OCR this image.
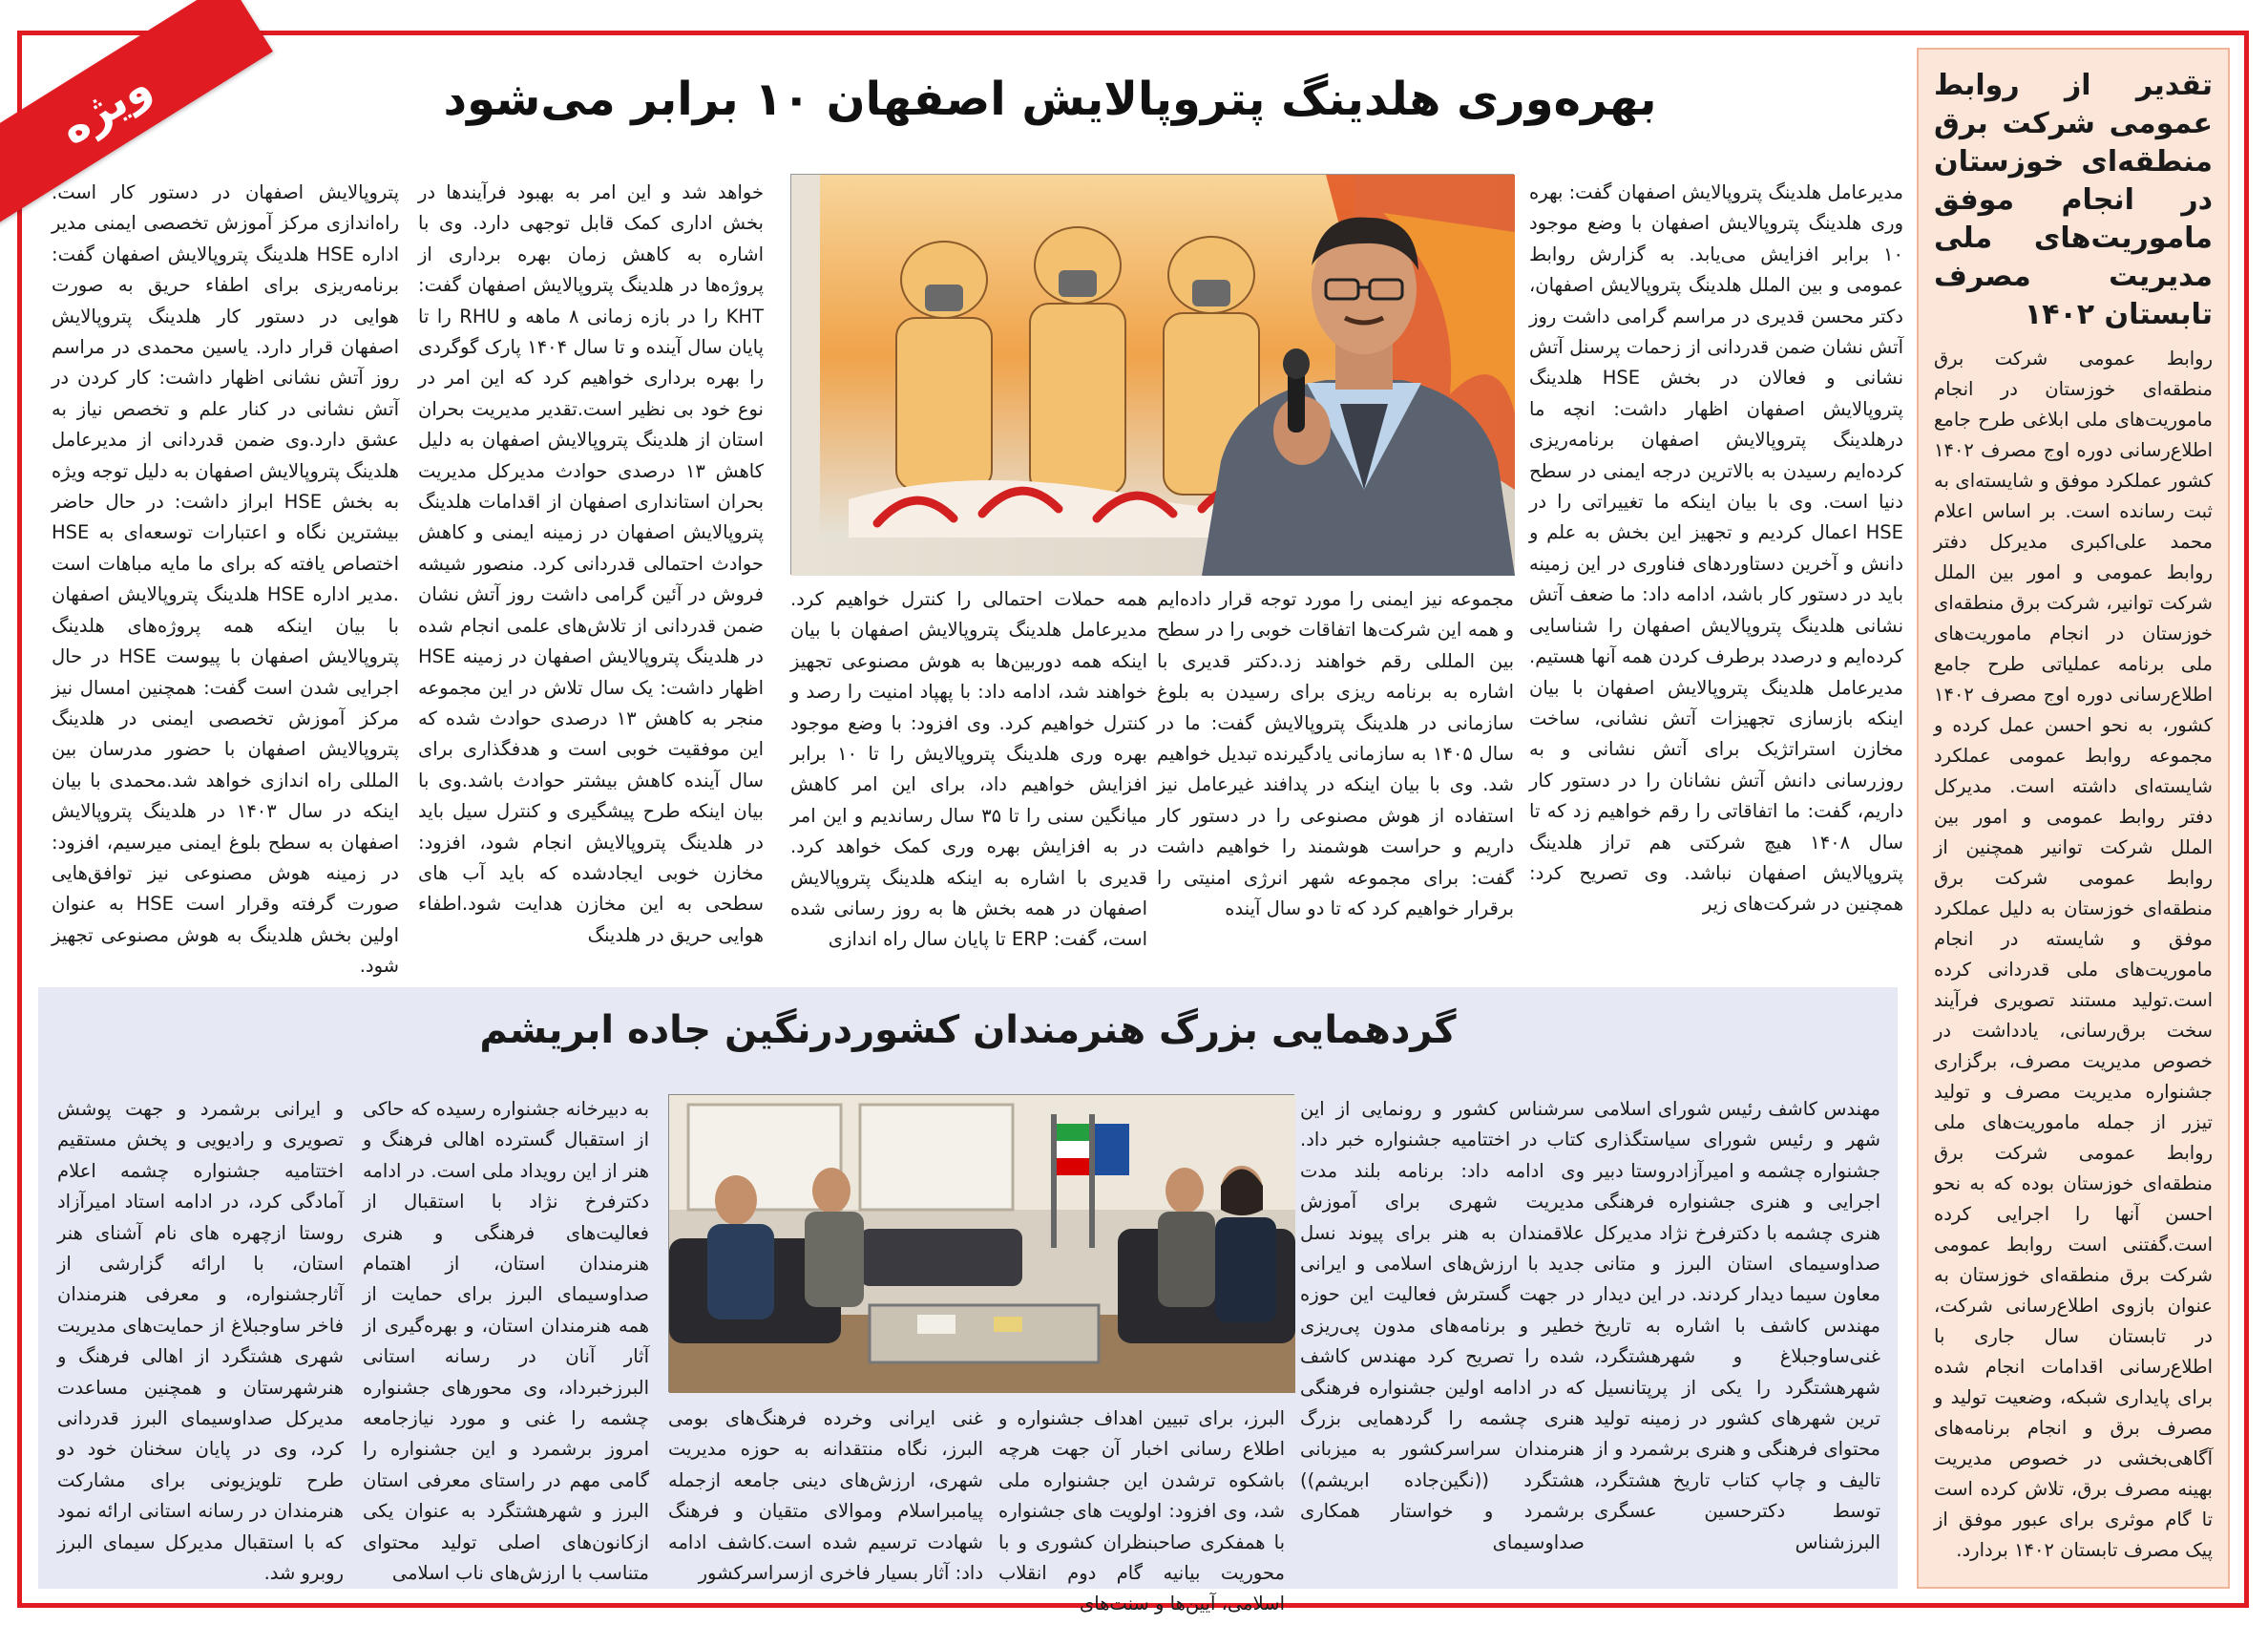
ویژه	تقدیر از روابط عمومی شرکت برق منطقه‌ای خوزستان در انجام موفق ماموریت‌های ملی مدیریت مصرف تابستان ۱۴۰۲

روابط عمومی شرکت برق منطقه‌ای خوزستان در انجام ماموریت‌های ملی ابلاغی طرح جامع اطلاع‌رسانی دوره اوج مصرف ۱۴۰۲ کشور عملکرد موفق و شایسته‌ای به ثبت رسانده است. بر اساس اعلام محمد علی‌اکبری مدیرکل دفتر روابط عمومی و امور بین الملل شرکت توانیر، شرکت برق منطقه‌ای خوزستان در انجام ماموریت‌های ملی برنامه عملیاتی طرح جامع اطلاع‌رسانی دوره اوج مصرف ۱۴۰۲ کشور، به نحو احسن عمل کرده و مجموعه روابط عمومی عملکرد شایسته‌ای داشته است. مدیرکل دفتر روابط عمومی و امور بین الملل شرکت توانیر همچنین از روابط عمومی شرکت برق منطقه‌ای خوزستان به دلیل عملکرد موفق و شایسته در انجام ماموریت‌های ملی قدردانی کرده است.تولید مستند تصویری فرآیند سخت برق‌رسانی، یادداشت در خصوص مدیریت مصرف، برگزاری جشنواره مدیریت مصرف و تولید تیزر از جمله ماموریت‌های ملی روابط عمومی شرکت برق منطقه‌ای خوزستان بوده که به نحو احسن آنها را اجرایی کرده است.گفتنی است روابط عمومی شرکت برق منطقه‌ای خوزستان به عنوان بازوی اطلاع‌رسانی شرکت، در تابستان سال جاری با اطلاع‌رسانی اقدامات انجام شده برای پایداری شبکه، وضعیت تولید و مصرف برق و انجام برنامه‌های آگاهی‌بخشی در خصوص مدیریت بهینه مصرف برق، تلاش کرده است تا گام موثری برای عبور موفق از پیک مصرف تابستان ۱۴۰۲ بردارد.

بهره‌وری هلدینگ پتروپالایش اصفهان ۱۰ برابر می‌شود
مدیرعامل هلدینگ پتروپالایش اصفهان گفت: بهره وری هلدینگ پتروپالایش اصفهان با وضع موجود ۱۰ برابر افزایش می‌یابد. به گزارش روابط عمومی و بین الملل هلدینگ پتروپالایش اصفهان، دکتر محسن قدیری در مراسم گرامی داشت روز آتش نشان ضمن قدردانی از زحمات پرسنل آتش نشانی و فعالان در بخش HSE هلدینگ پتروپالایش اصفهان اظهار داشت: انچه ما درهلدینگ پتروپالایش اصفهان برنامه‌ریزی کرده‌ایم رسیدن به بالاترین درجه ایمنی در سطح دنیا است. وی با بیان اینکه ما تغییراتی را در HSE اعمال کردیم و تجهیز این بخش به علم و دانش و آخرین دستاوردهای فناوری در این زمینه باید در دستور کار باشد، ادامه داد: ما ضعف آتش نشانی هلدینگ پتروپالایش اصفهان را شناسایی کرده‌ایم و درصدد برطرف کردن همه آنها هستیم. مدیرعامل هلدینگ پتروپالایش اصفهان با بیان اینکه بازسازی تجهیزات آتش نشانی، ساخت مخازن استراتژیک برای آتش نشانی و به روزرسانی دانش آتش نشانان را در دستور کار داریم، گفت: ما اتفاقاتی را رقم خواهیم زد که تا سال ۱۴۰۸ هیچ شرکتی هم تراز هلدینگ پتروپالایش اصفهان نباشد. وی تصریح کرد: همچنین در شرکت‌های زیر
مجموعه نیز ایمنی را مورد توجه قرار داده‌ایم و همه این شرکت‌ها اتفاقات خوبی را در سطح بین المللی رقم خواهند زد.دکتر قدیری با اشاره به برنامه ریزی برای رسیدن به بلوغ سازمانی در هلدینگ پتروپالایش گفت: ما در سال ۱۴۰۵ به سازمانی یادگیرنده تبدیل خواهیم شد. وی با بیان اینکه در پدافند غیرعامل نیز استفاده از هوش مصنوعی را در دستور کار داریم و حراست هوشمند را خواهیم داشت گفت: برای مجموعه شهر انرژی امنیتی را برقرار خواهیم کرد که تا دو سال آینده
همه حملات احتمالی را کنترل خواهیم کرد. مدیرعامل هلدینگ پتروپالایش اصفهان با بیان اینکه همه دوربین‌ها به هوش مصنوعی تجهیز خواهند شد، ادامه داد: با پهپاد امنیت را رصد و کنترل خواهیم کرد. وی افزود: با وضع موجود بهره وری هلدینگ پتروپالایش را تا ۱۰ برابر افزایش خواهیم داد، برای این امر کاهش میانگین سنی را تا ۳۵ سال رساندیم و این امر در به افزایش بهره وری کمک خواهد کرد. قدیری با اشاره به اینکه هلدینگ پتروپالایش اصفهان در همه بخش ها به روز رسانی شده است، گفت: ERP تا پایان سال راه اندازی
خواهد شد و این امر به بهبود فرآیندها در بخش اداری کمک قابل توجهی دارد. وی با اشاره به کاهش زمان بهره برداری از پروژه‌ها در هلدینگ پتروپالایش اصفهان گفت: KHT را در بازه زمانی ۸ ماهه و RHU را تا پایان سال آینده و تا سال ۱۴۰۴ پارک گوگردی را بهره برداری خواهیم کرد که این امر در نوع خود بی نظیر است.تقدیر مدیریت بحران استان از هلدینگ پتروپالایش اصفهان به دلیل کاهش ۱۳ درصدی حوادث مدیرکل مدیریت بحران استانداری اصفهان از اقدامات هلدینگ پتروپالایش اصفهان در زمینه ایمنی و کاهش حوادث احتمالی قدردانی کرد. منصور شیشه فروش در آئین گرامی داشت روز آتش نشان ضمن قدردانی از تلاش‌های علمی انجام شده در هلدینگ پتروپالایش اصفهان در زمینه HSE اظهار داشت: یک سال تلاش در این مجموعه منجر به کاهش ۱۳ درصدی حوادث شده که این موفقیت خوبی است و هدفگذاری برای سال آینده کاهش بیشتر حوادث باشد.وی با بیان اینکه طرح پیشگیری و کنترل سیل باید در هلدینگ پتروپالایش انجام شود، افزود: مخازن خوبی ایجادشده که باید آب های سطحی به این مخازن هدایت شود.اطفاء هوایی حریق در هلدینگ
پتروپالایش اصفهان در دستور کار است. راه‌اندازی مرکز آموزش تخصصی ایمنی مدیر اداره HSE هلدینگ پتروپالایش اصفهان گفت: برنامه‌ریزی برای اطفاء حریق به صورت هوایی در دستور کار هلدینگ پتروپالایش اصفهان قرار دارد. یاسین محمدی در مراسم روز آتش نشانی اظهار داشت: کار کردن در آتش نشانی در کنار علم و تخصص نیاز به عشق دارد.وی ضمن قدردانی از مدیرعامل هلدینگ پتروپالایش اصفهان به دلیل توجه ویژه به بخش HSE ابراز داشت: در حال حاضر بیشترین نگاه و اعتبارات توسعه‌ای به HSE اختصاص یافته که برای ما مایه مباهات است .مدیر اداره HSE هلدینگ پتروپالایش اصفهان با بیان اینکه همه پروژه‌های هلدینگ پتروپالایش اصفهان با پیوست HSE در حال اجرایی شدن است گفت: همچنین امسال نیز مرکز آموزش تخصصی ایمنی در هلدینگ پتروپالایش اصفهان با حضور مدرسان بین المللی راه اندازی خواهد شد.محمدی با بیان اینکه در سال ۱۴۰۳ در هلدینگ پتروپالایش اصفهان به سطح بلوغ ایمنی میرسیم، افزود: در زمینه هوش مصنوعی نیز توافق‌هایی صورت گرفته وقرار است HSE به عنوان اولین بخش هلدینگ به هوش مصنوعی تجهیز شود.
گردهمایی بزرگ هنرمندان کشوردرنگین جاده ابریشم
مهندس کاشف رئیس شورای اسلامی شهر و رئیس شورای سیاستگذاری جشنواره چشمه و امیرآزادروستا دبیر اجرایی و هنری جشنواره فرهنگی هنری چشمه با دکترفرخ نژاد مدیرکل صداوسیمای استان البرز و متانی معاون سیما دیدار کردند. در این دیدار مهندس کاشف با اشاره به تاریخ غنی‌ساوجبلاغ و شهرهشتگرد، شهرهشتگرد را یکی از پرپتانسیل ترین شهرهای کشور در زمینه تولید محتوای فرهنگی و هنری برشمرد و از تالیف و چاپ کتاب تاریخ هشتگرد، توسط دکترحسین عسگری البرزشناس
سرشناس کشور و رونمایی از این کتاب در اختتامیه جشنواره خبر داد. وی ادامه داد: برنامه بلند مدت مدیریت شهری برای آموزش علاقمندان به هنر برای پیوند نسل جدید با ارزش‌های اسلامی و ایرانی در جهت گسترش فعالیت این حوزه خطیر و برنامه‌های مدون پی‌ریزی شده را تصریح کرد مهندس کاشف که در ادامه اولین جشنواره فرهنگی هنری چشمه را گردهمایی بزرگ هنرمندان سراسرکشور به میزبانی هشتگرد ((نگین‌جاده ابریشم)) برشمرد و خواستار همکاری صداوسیمای
البرز، برای تبیین اهداف جشنواره و اطلاع رسانی اخبار آن جهت هرچه باشکوه ترشدن این جشنواره ملی شد، وی افزود: اولویت های جشنواره با همفکری صاحبنظران کشوری و با محوریت بیانیه گام دوم انقلاب اسلامی، آیین‌ها و سنت‌های
غنی ایرانی وخرده فرهنگ‌های بومی البرز، نگاه منتقدانه به حوزه مدیریت شهری، ارزش‌های دینی جامعه ازجمله پیامبراسلام وموالای متقیان و فرهنگ شهادت ترسیم شده است.کاشف ادامه داد: آثار بسیار فاخری ازسراسرکشور
به دبیرخانه جشنواره رسیده که حاکی از استقبال گسترده اهالی فرهنگ و هنر از این رویداد ملی است. در ادامه دکترفرخ نژاد با استقبال از فعالیت‌های فرهنگی و هنری هنرمندان استان، از اهتمام صداوسیمای البرز برای حمایت از همه هنرمندان استان، و بهره‌گیری از آثار آنان در رسانه استانی البرزخبرداد، وی محورهای جشنواره چشمه را غنی و مورد نیازجامعه امروز برشمرد و این جشنواره را گامی مهم در راستای معرفی استان البرز و شهرهشتگرد به عنوان یکی ازکانون‌های اصلی تولید محتوای متناسب با ارزش‌های ناب اسلامی
و ایرانی برشمرد و جهت پوشش تصویری و رادیویی و پخش مستقیم اختتامیه جشنواره چشمه اعلام آمادگی کرد، در ادامه استاد امیرآزاد روستا ازچهره های نام آشنای هنر استان، با ارائه گزارشی از آثارجشنواره، و معرفی هنرمندان فاخر ساوجبلاغ از حمایت‌های مدیریت شهری هشتگرد از اهالی فرهنگ و هنرشهرستان و همچنین مساعدت مدیرکل صداوسیمای البرز قدردانی کرد، وی در پایان سخنان خود دو طرح تلویزیونی برای مشارکت هنرمندان در رسانه استانی ارائه نمود که با استقبال مدیرکل سیمای البرز روبرو شد.
